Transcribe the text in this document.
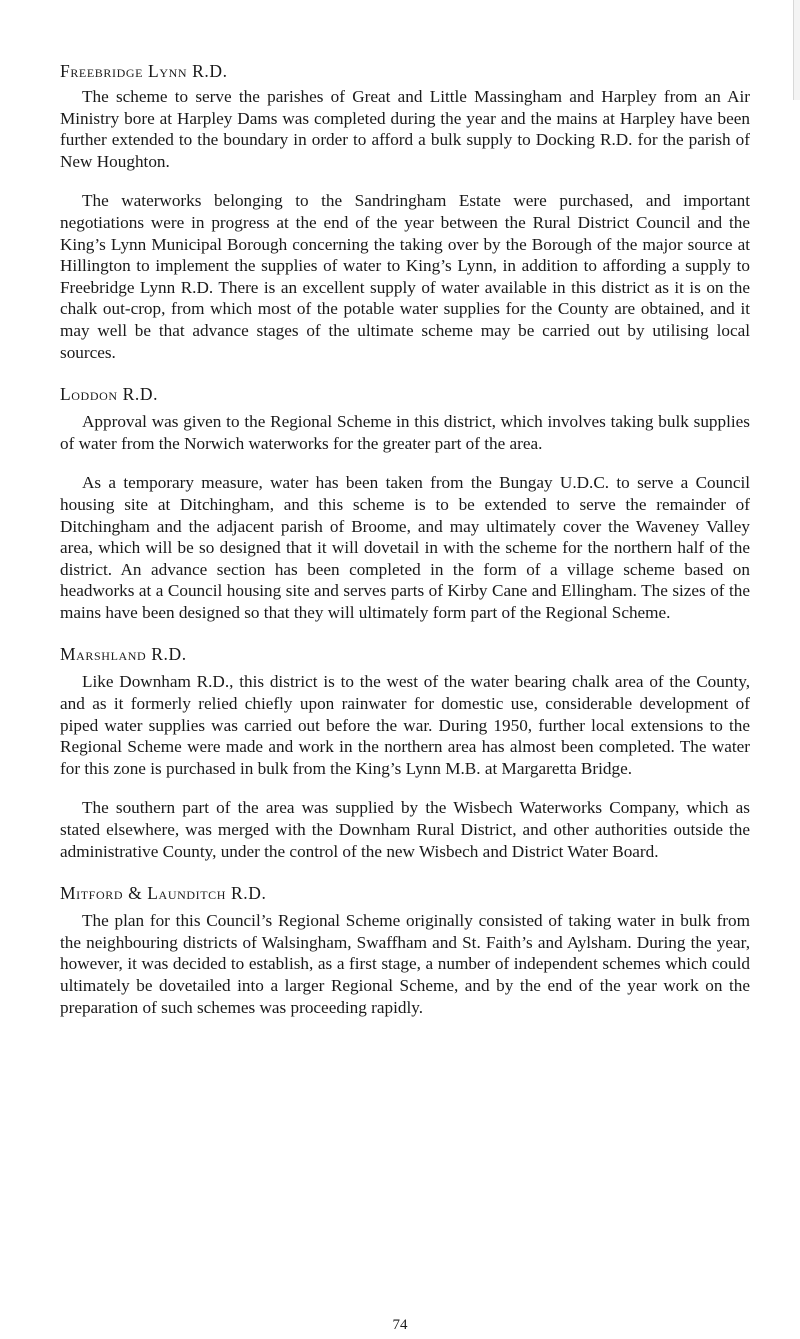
Freebridge Lynn R.D.

The scheme to serve the parishes of Great and Little Massingham and Harpley from an Air Ministry bore at Harpley Dams was completed during the year and the mains at Harpley have been further extended to the boundary in order to afford a bulk supply to Docking R.D. for the parish of New Houghton.

The waterworks belonging to the Sandringham Estate were purchased, and important negotiations were in progress at the end of the year between the Rural District Council and the King’s Lynn Municipal Borough concerning the taking over by the Borough of the major source at Hillington to implement the supplies of water to King’s Lynn, in addition to affording a supply to Freebridge Lynn R.D. There is an excellent supply of water available in this district as it is on the chalk out-crop, from which most of the potable water supplies for the County are obtained, and it may well be that advance stages of the ultimate scheme may be carried out by utilising local sources.

Loddon R.D.

Approval was given to the Regional Scheme in this district, which involves taking bulk supplies of water from the Norwich waterworks for the greater part of the area.

As a temporary measure, water has been taken from the Bungay U.D.C. to serve a Council housing site at Ditchingham, and this scheme is to be extended to serve the remainder of Ditchingham and the adjacent parish of Broome, and may ultimately cover the Waveney Valley area, which will be so designed that it will dovetail in with the scheme for the northern half of the district. An advance section has been completed in the form of a village scheme based on headworks at a Council housing site and serves parts of Kirby Cane and Ellingham. The sizes of the mains have been designed so that they will ultimately form part of the Regional Scheme.

Marshland R.D.

Like Downham R.D., this district is to the west of the water bearing chalk area of the County, and as it formerly relied chiefly upon rainwater for domestic use, considerable development of piped water supplies was carried out before the war. During 1950, further local extensions to the Regional Scheme were made and work in the northern area has almost been completed. The water for this zone is purchased in bulk from the King’s Lynn M.B. at Margaretta Bridge.

The southern part of the area was supplied by the Wisbech Waterworks Company, which as stated elsewhere, was merged with the Downham Rural District, and other authorities outside the administrative County, under the control of the new Wisbech and District Water Board.

Mitford & Launditch R.D.

The plan for this Council’s Regional Scheme originally consisted of taking water in bulk from the neighbouring districts of Walsingham, Swaffham and St. Faith’s and Aylsham. During the year, however, it was decided to establish, as a first stage, a number of independent schemes which could ultimately be dovetailed into a larger Regional Scheme, and by the end of the year work on the preparation of such schemes was proceeding rapidly.

74
